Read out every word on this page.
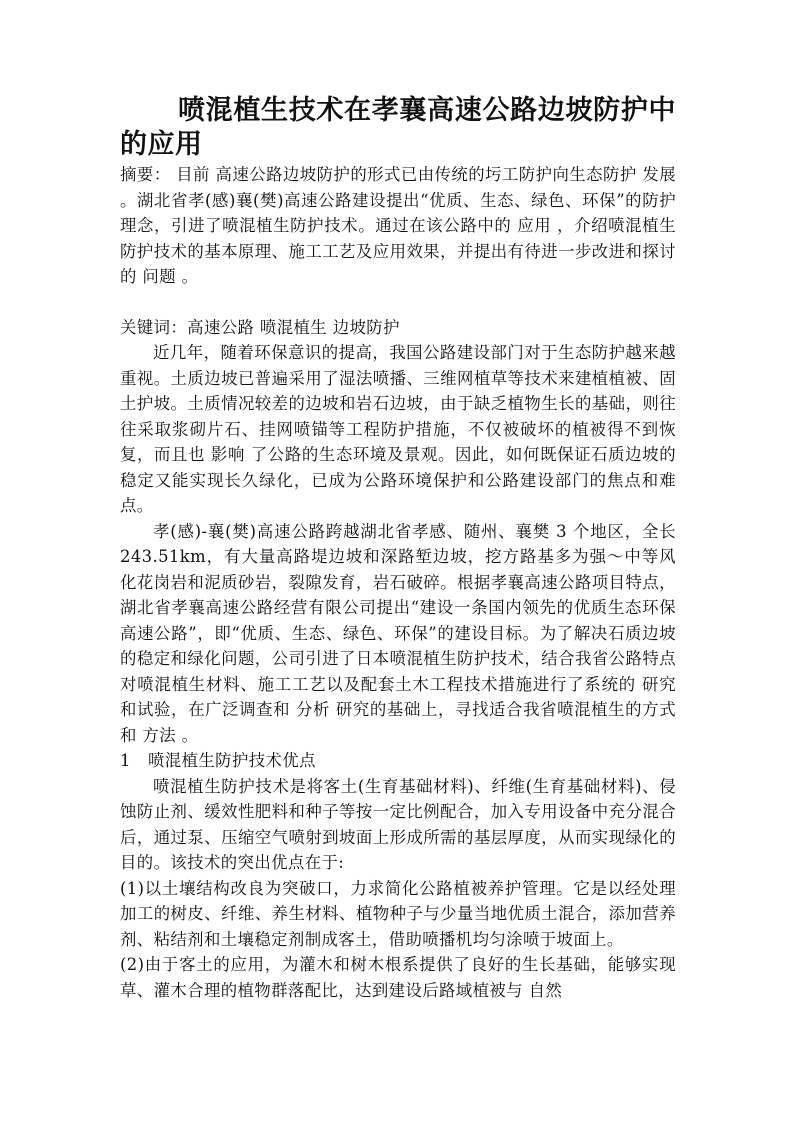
喷混植生技术在孝襄高速公路边坡防护中的应用

摘要： 目前 高速公路边坡防护的形式已由传统的圬工防护向生态防护 发展 。湖北省孝(感)襄(樊)高速公路建设提出“优质、生态、绿色、环保”的防护理念，引进了喷混植生防护技术。通过在该公路中的 应用 ，介绍喷混植生防护技术的基本原理、施工工艺及应用效果，并提出有待进一步改进和探讨的 问题 。

关键词：高速公路 喷混植生 边坡防护

近几年，随着环保意识的提高，我国公路建设部门对于生态防护越来越重视。土质边坡已普遍采用了湿法喷播、三维网植草等技术来建植植被、固土护坡。土质情况较差的边坡和岩石边坡，由于缺乏植物生长的基础，则往往采取浆砌片石、挂网喷锚等工程防护措施，不仅被破坏的植被得不到恢复，而且也 影响 了公路的生态环境及景观。因此，如何既保证石质边坡的稳定又能实现长久绿化，已成为公路环境保护和公路建设部门的焦点和难点。

孝(感)-襄(樊)高速公路跨越湖北省孝感、随州、襄樊 3 个地区，全长 243.51km，有大量高路堤边坡和深路堑边坡，挖方路基多为强～中等风化花岗岩和泥质砂岩，裂隙发育，岩石破碎。根据孝襄高速公路项目特点，湖北省孝襄高速公路经营有限公司提出“建设一条国内领先的优质生态环保高速公路”，即“优质、生态、绿色、环保”的建设目标。为了解决石质边坡的稳定和绿化问题，公司引进了日本喷混植生防护技术，结合我省公路特点对喷混植生材料、施工工艺以及配套土木工程技术措施进行了系统的 研究 和试验，在广泛调查和 分析 研究的基础上，寻找适合我省喷混植生的方式和 方法 。

1 喷混植生防护技术优点

喷混植生防护技术是将客土(生育基础材料)、纤维(生育基础材料)、侵蚀防止剂、缓效性肥料和种子等按一定比例配合，加入专用设备中充分混合后，通过泵、压缩空气喷射到坡面上形成所需的基层厚度，从而实现绿化的目的。该技术的突出优点在于:

(1)以土壤结构改良为突破口，力求简化公路植被养护管理。它是以经处理加工的树皮、纤维、养生材料、植物种子与少量当地优质土混合，添加营养剂、粘结剂和土壤稳定剂制成客土，借助喷播机均匀涂喷于坡面上。

(2)由于客土的应用，为灌木和树木根系提供了良好的生长基础，能够实现草、灌木合理的植物群落配比，达到建设后路域植被与 自然
